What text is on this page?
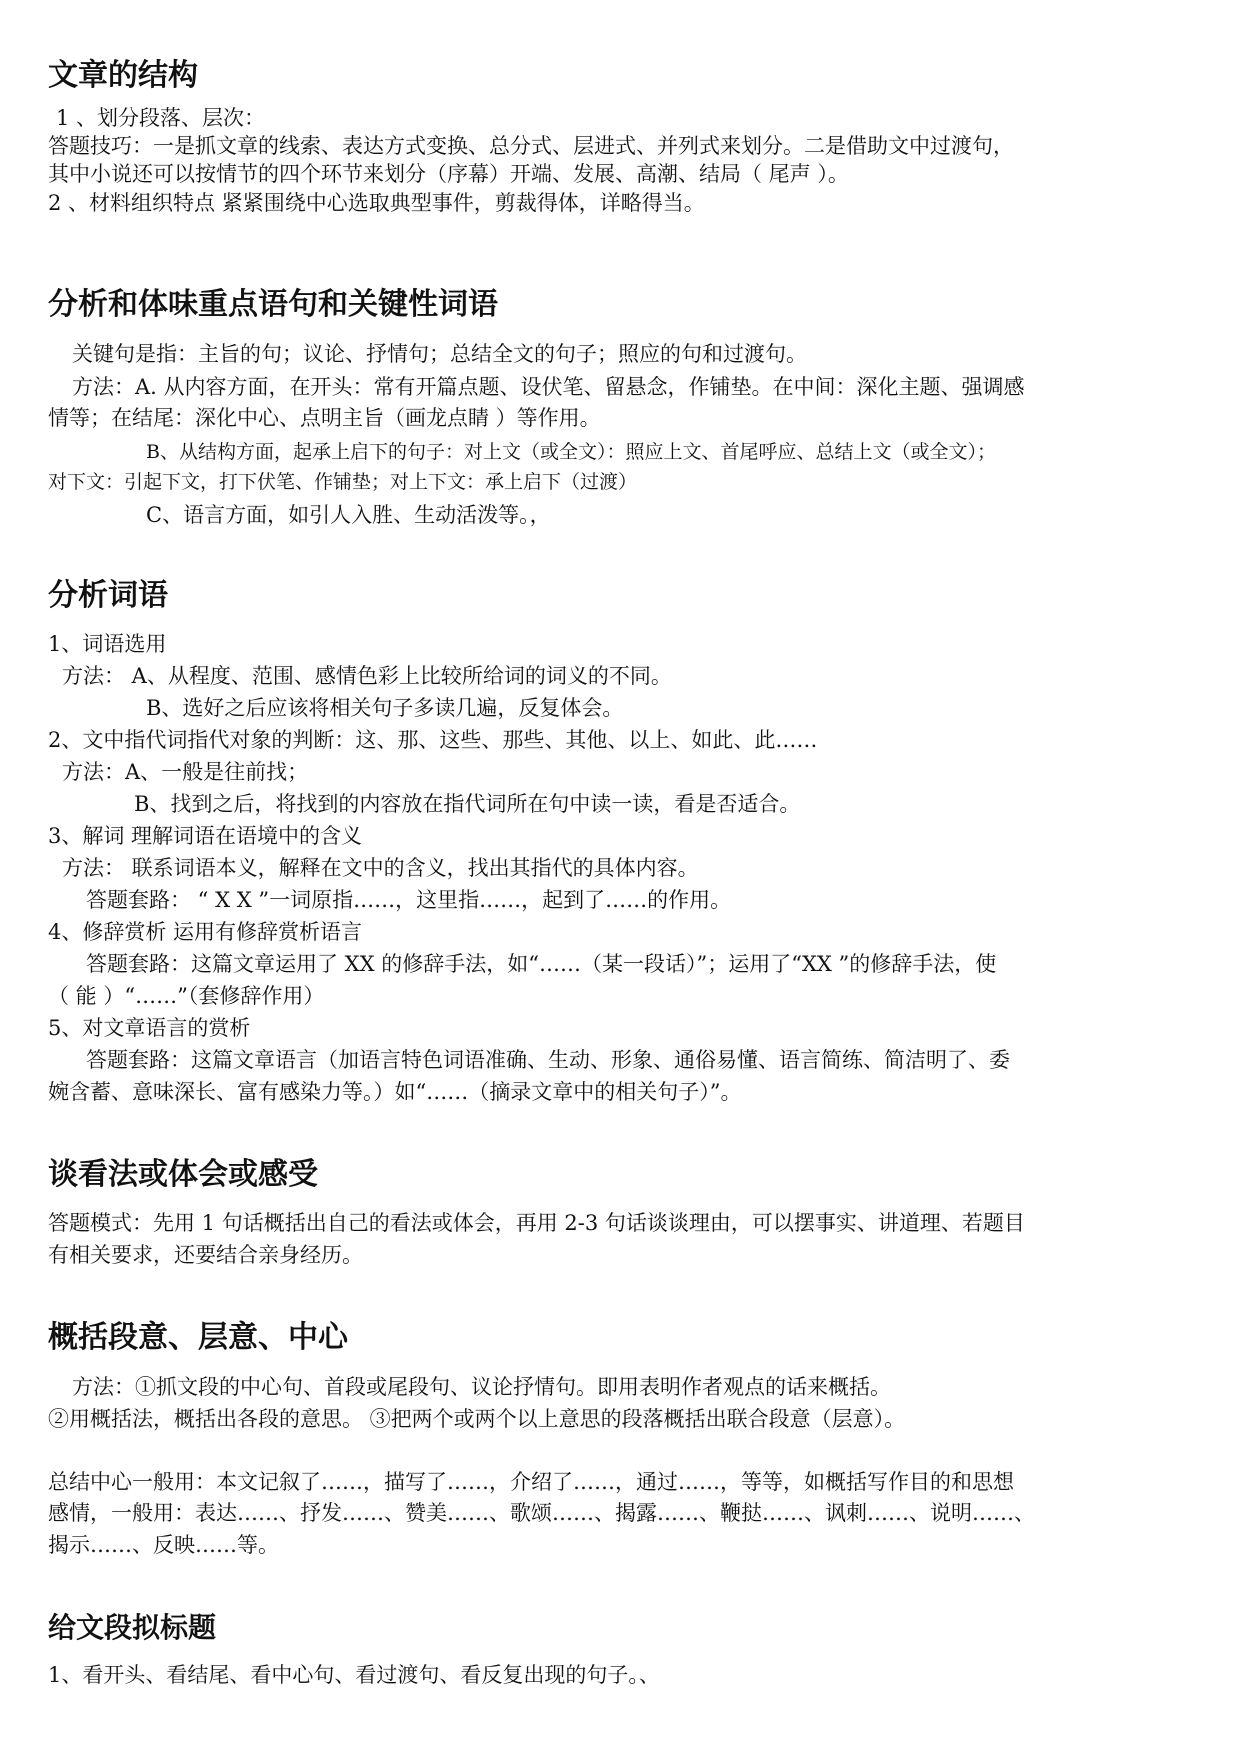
文章的结构
1 、划分段落、层次：
答题技巧：一是抓文章的线索、表达方式变换、总分式、层进式、并列式来划分。二是借助文中过渡句，
其中小说还可以按情节的四个环节来划分（序幕）开端、发展、高潮、结局（ 尾声 ）。
2 、材料组织特点 紧紧围绕中心选取典型事件，剪裁得体，详略得当。
分析和体味重点语句和关键性词语
关键句是指：主旨的句；议论、抒情句；总结全文的句子；照应的句和过渡句。
方法：A. 从内容方面，在开头：常有开篇点题、设伏笔、留悬念，作铺垫。在中间：深化主题、强调感
情等；在结尾：深化中心、点明主旨（画龙点睛 ）等作用。
B、从结构方面，起承上启下的句子：对上文（或全文）：照应上文、首尾呼应、总结上文（或全文）；
对下文：引起下文，打下伏笔、作铺垫；对上下文：承上启下（过渡）
C、语言方面，如引人入胜、生动活泼等。，
分析词语
1、词语选用
方法： A、从程度、范围、感情色彩上比较所给词的词义的不同。
B、选好之后应该将相关句子多读几遍，反复体会。
2、文中指代词指代对象的判断：这、那、这些、那些、其他、以上、如此、此……
方法：A、一般是往前找；
B、找到之后，将找到的内容放在指代词所在句中读一读，看是否适合。
3、解词 理解词语在语境中的含义
方法： 联系词语本义，解释在文中的含义，找出其指代的具体内容。
答题套路： “ X X ”一词原指……，这里指……，起到了……的作用。
4、修辞赏析 运用有修辞赏析语言
答题套路：这篇文章运用了 XX 的修辞手法，如“……（某一段话）”；运用了“XX ”的修辞手法，使
（ 能 ）“……”（套修辞作用）
5、对文章语言的赏析
答题套路：这篇文章语言（加语言特色词语准确、生动、形象、通俗易懂、语言简练、简洁明了、委
婉含蓄、意味深长、富有感染力等。）如“……（摘录文章中的相关句子）”。
谈看法或体会或感受
答题模式：先用 1 句话概括出自己的看法或体会，再用 2-3 句话谈谈理由，可以摆事实、讲道理、若题目
有相关要求，还要结合亲身经历。
概括段意、层意、中心
方法：①抓文段的中心句、首段或尾段句、议论抒情句。即用表明作者观点的话来概括。
②用概括法，概括出各段的意思。 ③把两个或两个以上意思的段落概括出联合段意（层意）。
总结中心一般用：本文记叙了……，描写了……，介绍了……，通过……，等等，如概括写作目的和思想
感情，一般用：表达……、抒发……、赞美……、歌颂……、揭露……、鞭挞……、讽刺……、说明……、
揭示……、反映……等。
给文段拟标题
1、看开头、看结尾、看中心句、看过渡句、看反复出现的句子。、
